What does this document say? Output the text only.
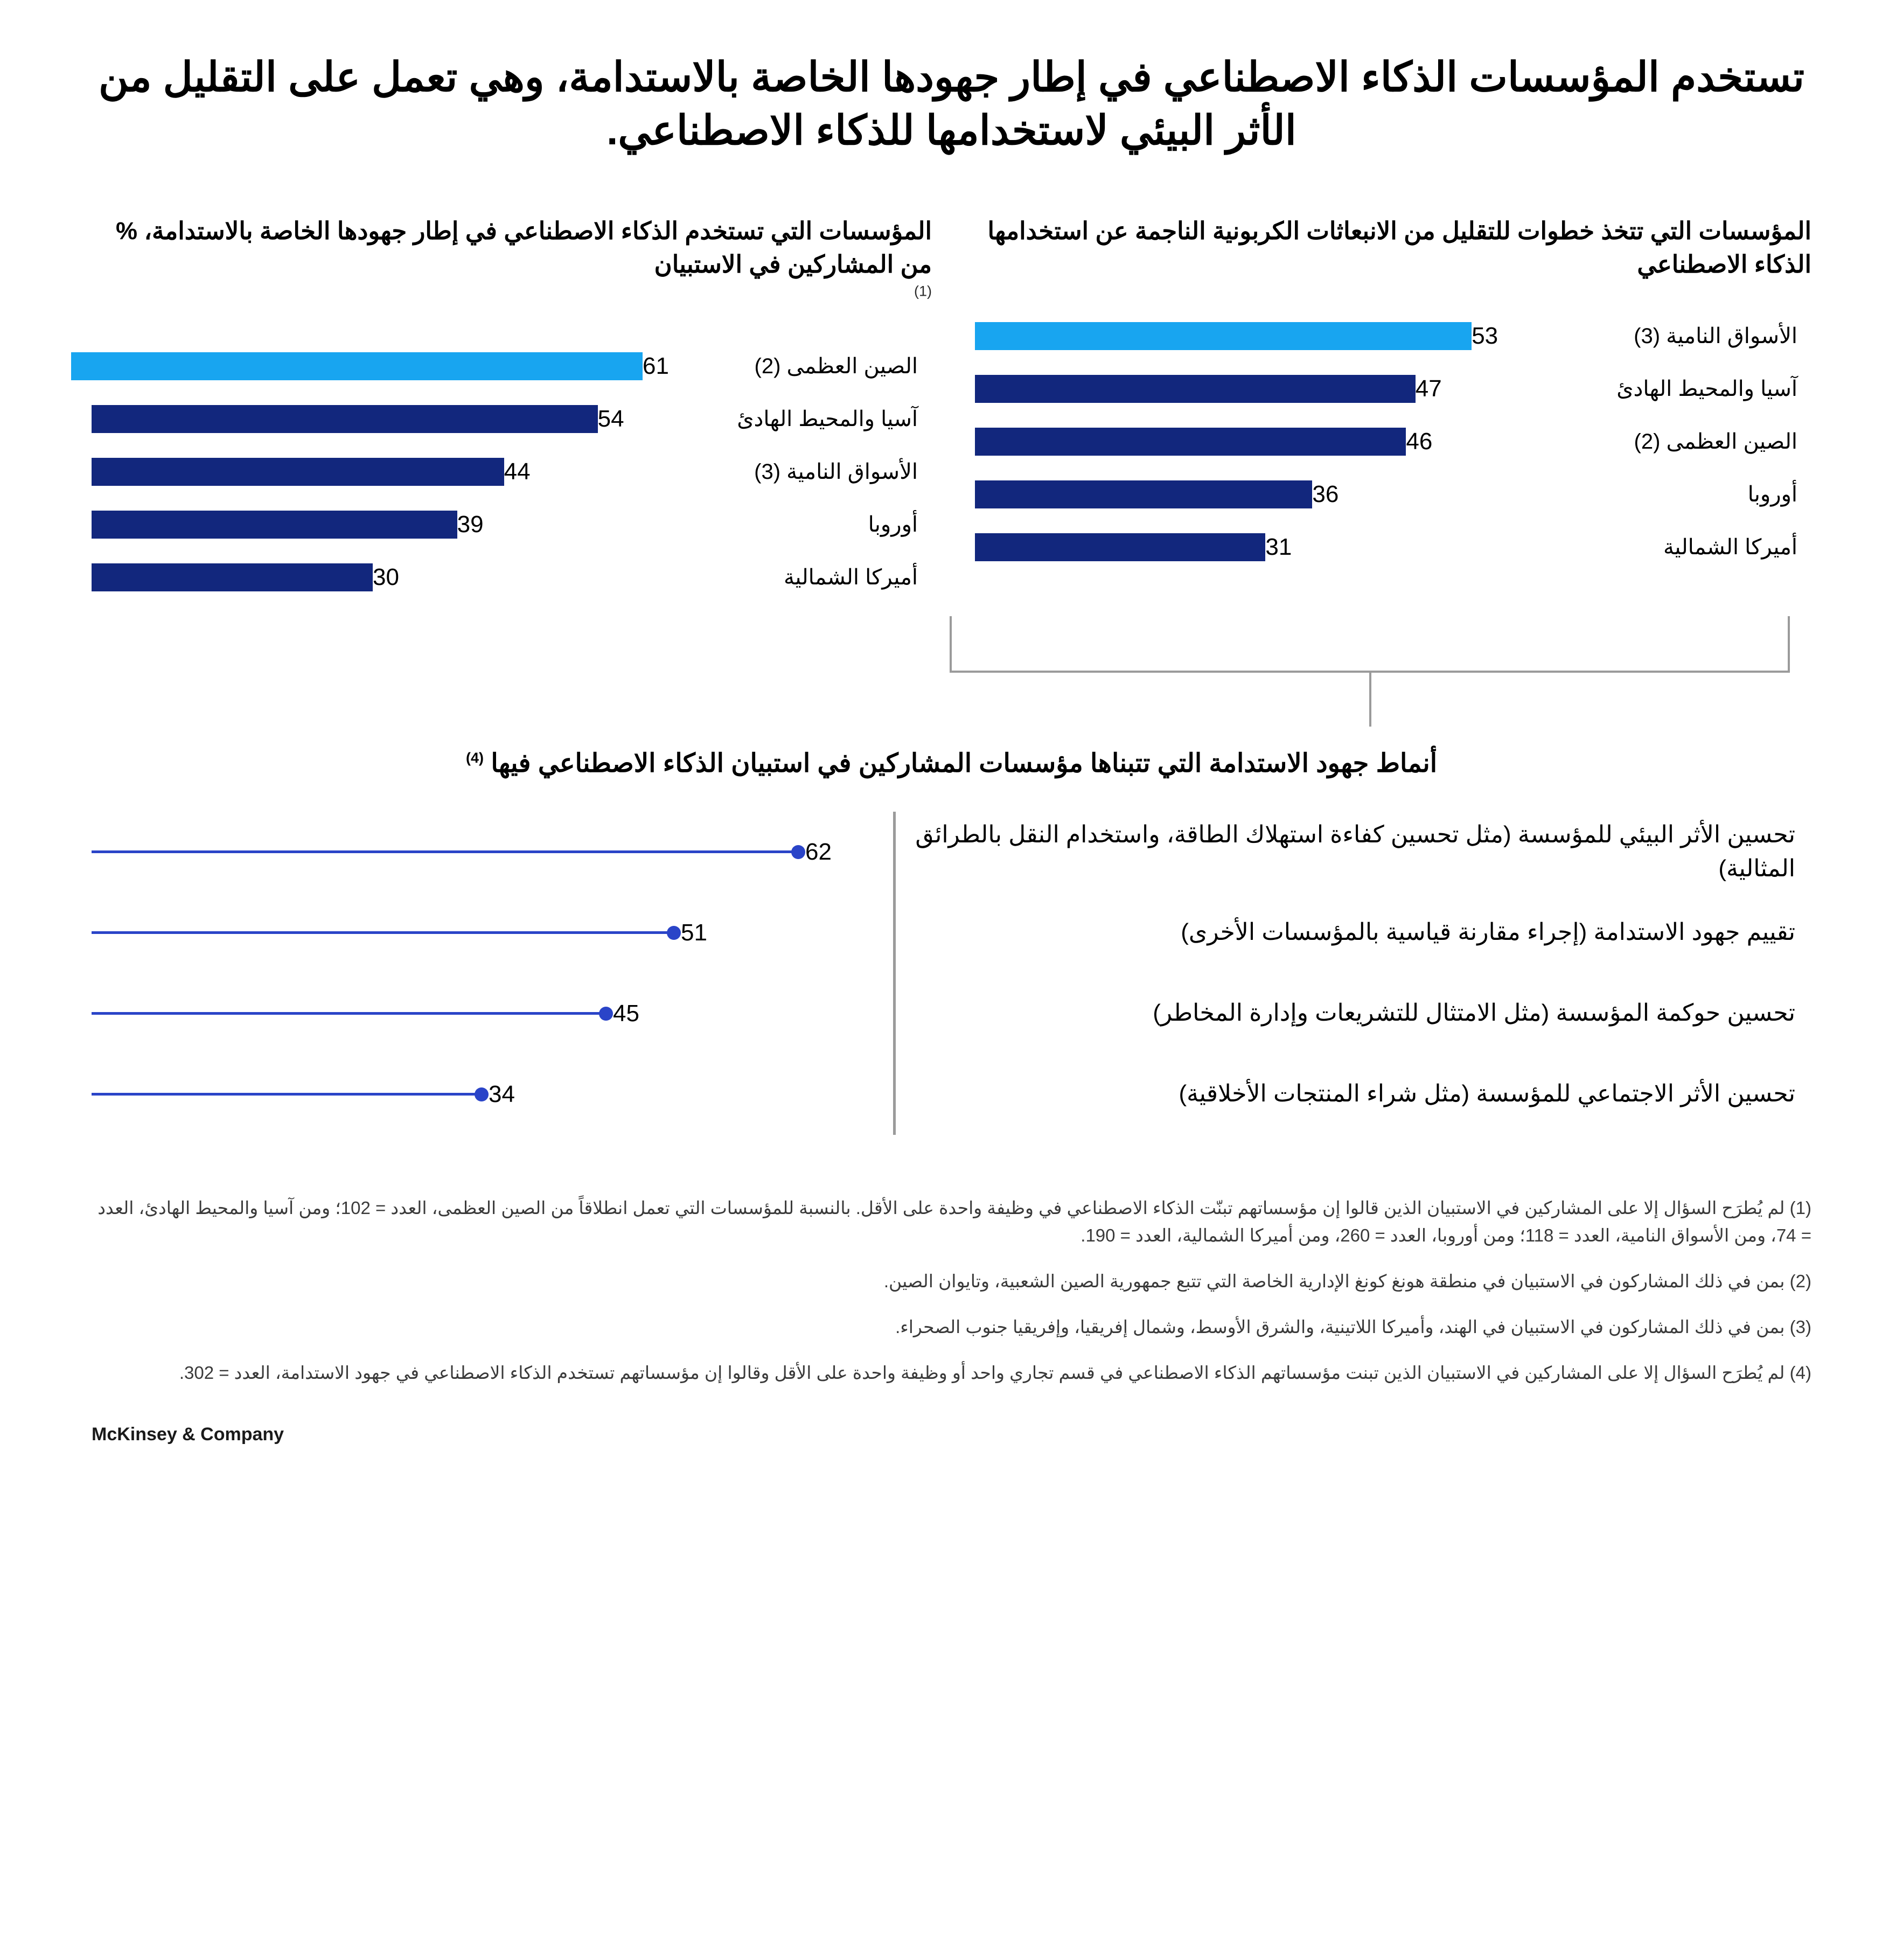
تستخدم المؤسسات الذكاء الاصطناعي في إطار جهودها الخاصة بالاستدامة، وهي تعمل على التقليل من الأثر البيئي لاستخدامها للذكاء الاصطناعي.
المؤسسات التي تتخذ خطوات للتقليل من الانبعاثات الكربونية الناجمة عن استخدامها الذكاء الاصطناعي
الأسواق النامية (3)
53
آسيا والمحيط الهادئ
47
الصين العظمى (2)
46
أوروبا
36
أميركا الشمالية
31
المؤسسات التي تستخدم الذكاء الاصطناعي في إطار جهودها الخاصة بالاستدامة، % من المشاركين في الاستبيان
$^{(1)}$
الصين العظمى (2)
61
آسيا والمحيط الهادئ
54
الأسواق النامية (3)
44
أوروبا
39
أميركا الشمالية
30
أنماط جهود الاستدامة التي تتبناها مؤسسات المشاركين في استبيان الذكاء الاصطناعي فيها $^{(4)}$
تحسين الأثر البيئي للمؤسسة (مثل تحسين كفاءة استهلاك الطاقة، واستخدام النقل بالطرائق المثالية)
62
تقييم جهود الاستدامة (إجراء مقارنة قياسية بالمؤسسات الأخرى)
51
تحسين حوكمة المؤسسة (مثل الامتثال للتشريعات وإدارة المخاطر)
45
تحسين الأثر الاجتماعي للمؤسسة (مثل شراء المنتجات الأخلاقية)
34
(1) لم يُطرَح السؤال إلا على المشاركين في الاستبيان الذين قالوا إن مؤسساتهم تبنّت الذكاء الاصطناعي في وظيفة واحدة على الأقل. بالنسبة للمؤسسات التي تعمل انطلاقاً من الصين العظمى، العدد = 102؛ ومن آسيا والمحيط الهادئ، العدد = 74، ومن الأسواق النامية، العدد = 118؛ ومن أوروبا، العدد = 260، ومن أميركا الشمالية، العدد = 190.
(2) بمن في ذلك المشاركون في الاستبيان في منطقة هونغ كونغ الإدارية الخاصة التي تتبع جمهورية الصين الشعبية، وتايوان الصين.
(3) بمن في ذلك المشاركون في الاستبيان في الهند، وأميركا اللاتينية، والشرق الأوسط، وشمال إفريقيا، وإفريقيا جنوب الصحراء.
(4) لم يُطرَح السؤال إلا على المشاركين في الاستبيان الذين تبنت مؤسساتهم الذكاء الاصطناعي في قسم تجاري واحد أو وظيفة واحدة على الأقل وقالوا إن مؤسساتهم تستخدم الذكاء الاصطناعي في جهود الاستدامة، العدد = 302.
McKinsey & Company
